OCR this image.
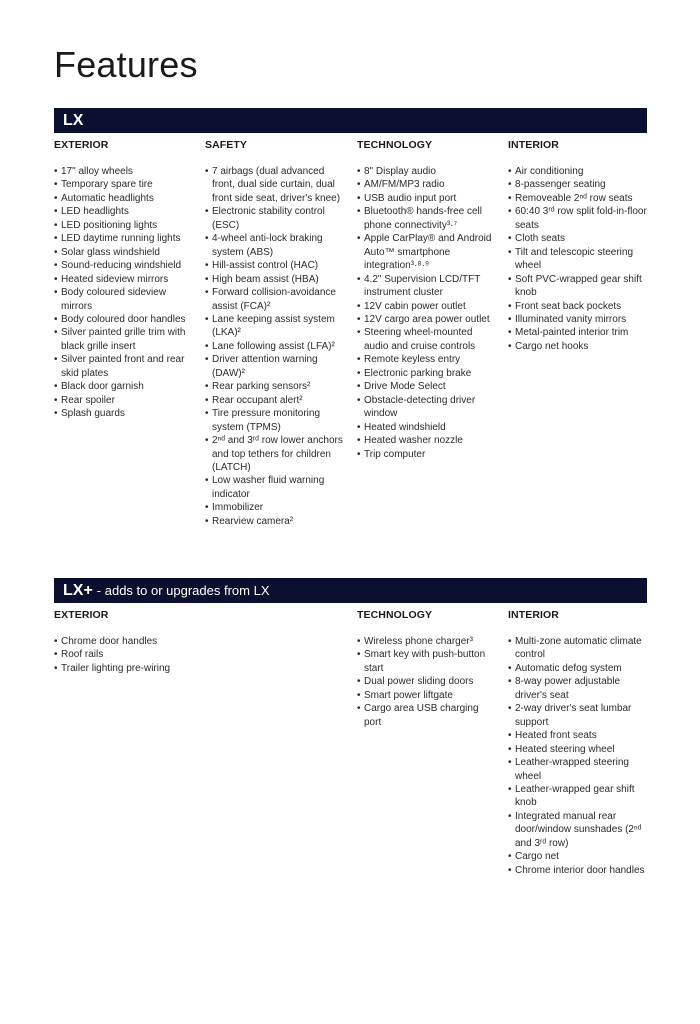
Features
LX
EXTERIOR
• 17" alloy wheels
• Temporary spare tire
• Automatic headlights
• LED headlights
• LED positioning lights
• LED daytime running lights
• Solar glass windshield
• Sound-reducing windshield
• Heated sideview mirrors
• Body coloured sideview mirrors
• Body coloured door handles
• Silver painted grille trim with black grille insert
• Silver painted front and rear skid plates
• Black door garnish
• Rear spoiler
• Splash guards
SAFETY
• 7 airbags (dual advanced front, dual side curtain, dual front side seat, driver's knee)
• Electronic stability control (ESC)
• 4-wheel anti-lock braking system (ABS)
• Hill-assist control (HAC)
• High beam assist (HBA)
• Forward collision-avoidance assist (FCA)²
• Lane keeping assist system (LKA)²
• Lane following assist (LFA)²
• Driver attention warning (DAW)²
• Rear parking sensors²
• Rear occupant alert²
• Tire pressure monitoring system (TPMS)
• 2ⁿᵈ and 3ʳᵈ row lower anchors and top tethers for children (LATCH)
• Low washer fluid warning indicator
• Immobilizer
• Rearview camera²
TECHNOLOGY
• 8" Display audio
• AM/FM/MP3 radio
• USB audio input port
• Bluetooth® hands-free cell phone connectivity³·⁷
• Apple CarPlay® and Android Auto™ smartphone integration³·⁸·⁹
• 4.2" Supervision LCD/TFT instrument cluster
• 12V cabin power outlet
• 12V cargo area power outlet
• Steering wheel-mounted audio and cruise controls
• Remote keyless entry
• Electronic parking brake
• Drive Mode Select
• Obstacle-detecting driver window
• Heated windshield
• Heated washer nozzle
• Trip computer
INTERIOR
• Air conditioning
• 8-passenger seating
• Removeable 2ⁿᵈ row seats
• 60:40 3ʳᵈ row split fold-in-floor seats
• Cloth seats
• Tilt and telescopic steering wheel
• Soft PVC-wrapped gear shift knob
• Front seat back pockets
• Illuminated vanity mirrors
• Metal-painted interior trim
• Cargo net hooks
LX+ - adds to or upgrades from LX
EXTERIOR
• Chrome door handles
• Roof rails
• Trailer lighting pre-wiring
TECHNOLOGY
• Wireless phone charger³
• Smart key with push-button start
• Dual power sliding doors
• Smart power liftgate
• Cargo area USB charging port
INTERIOR
• Multi-zone automatic climate control
• Automatic defog system
• 8-way power adjustable driver's seat
• 2-way driver's seat lumbar support
• Heated front seats
• Heated steering wheel
• Leather-wrapped steering wheel
• Leather-wrapped gear shift knob
• Integrated manual rear door/window sunshades (2ⁿᵈ and 3ʳᵈ row)
• Cargo net
• Chrome interior door handles
